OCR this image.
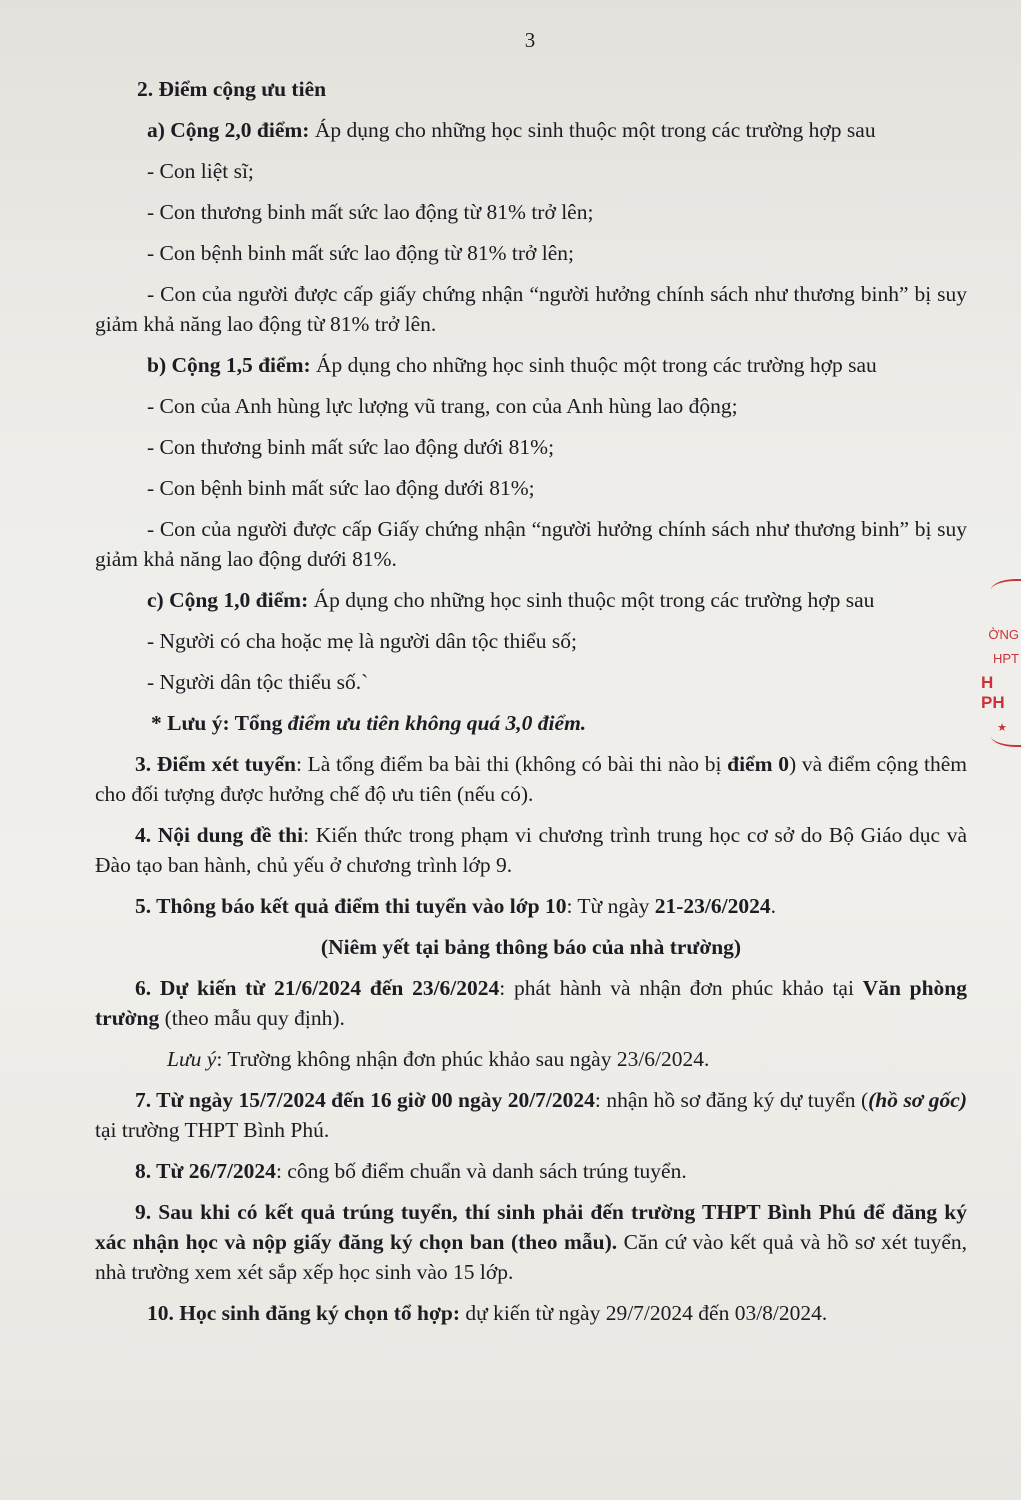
3

2. Điểm cộng ưu tiên

a) Cộng 2,0 điểm: Áp dụng cho những học sinh thuộc một trong các trường hợp sau

- Con liệt sĩ;

- Con thương binh mất sức lao động từ 81% trở lên;

- Con bệnh binh mất sức lao động từ 81% trở lên;

- Con của người được cấp giấy chứng nhận “người hưởng chính sách như thương binh” bị suy giảm khả năng lao động từ 81% trở lên.

b) Cộng 1,5 điểm: Áp dụng cho những học sinh thuộc một trong các trường hợp sau

- Con của Anh hùng lực lượng vũ trang, con của Anh hùng lao động;

- Con thương binh mất sức lao động dưới 81%;

- Con bệnh binh mất sức lao động dưới 81%;

- Con của người được cấp Giấy chứng nhận “người hưởng chính sách như thương binh” bị suy giảm khả năng lao động dưới 81%.

c) Cộng 1,0 điểm: Áp dụng cho những học sinh thuộc một trong các trường hợp sau

- Người có cha hoặc mẹ là người dân tộc thiểu số;

- Người dân tộc thiểu số.`

* Lưu ý: Tổng điểm ưu tiên không quá 3,0 điểm.

3. Điểm xét tuyển: Là tổng điểm ba bài thi (không có bài thi nào bị điểm 0) và điểm cộng thêm cho đối tượng được hưởng chế độ ưu tiên (nếu có).

4. Nội dung đề thi: Kiến thức trong phạm vi chương trình trung học cơ sở do Bộ Giáo dục và Đào tạo ban hành, chủ yếu ở chương trình lớp 9.

5. Thông báo kết quả điểm thi tuyển vào lớp 10: Từ ngày 21-23/6/2024.

(Niêm yết tại bảng thông báo của nhà trường)

6. Dự kiến từ 21/6/2024 đến 23/6/2024: phát hành và nhận đơn phúc khảo tại Văn phòng trường (theo mẫu quy định).

Lưu ý: Trường không nhận đơn phúc khảo sau ngày 23/6/2024.

7. Từ ngày 15/7/2024 đến 16 giờ 00 ngày 20/7/2024: nhận hồ sơ đăng ký dự tuyển ((hồ sơ gốc) tại trường THPT Bình Phú.

8. Từ 26/7/2024: công bố điểm chuẩn và danh sách trúng tuyển.

9. Sau khi có kết quả trúng tuyển, thí sinh phải đến trường THPT Bình Phú để đăng ký xác nhận học và nộp giấy đăng ký chọn ban (theo mẫu). Căn cứ vào kết quả và hồ sơ xét tuyển, nhà trường xem xét sắp xếp học sinh vào 15 lớp.

10. Học sinh đăng ký chọn tổ hợp: dự kiến từ ngày 29/7/2024 đến 03/8/2024.

ỜNG
HPT
H PH
★
